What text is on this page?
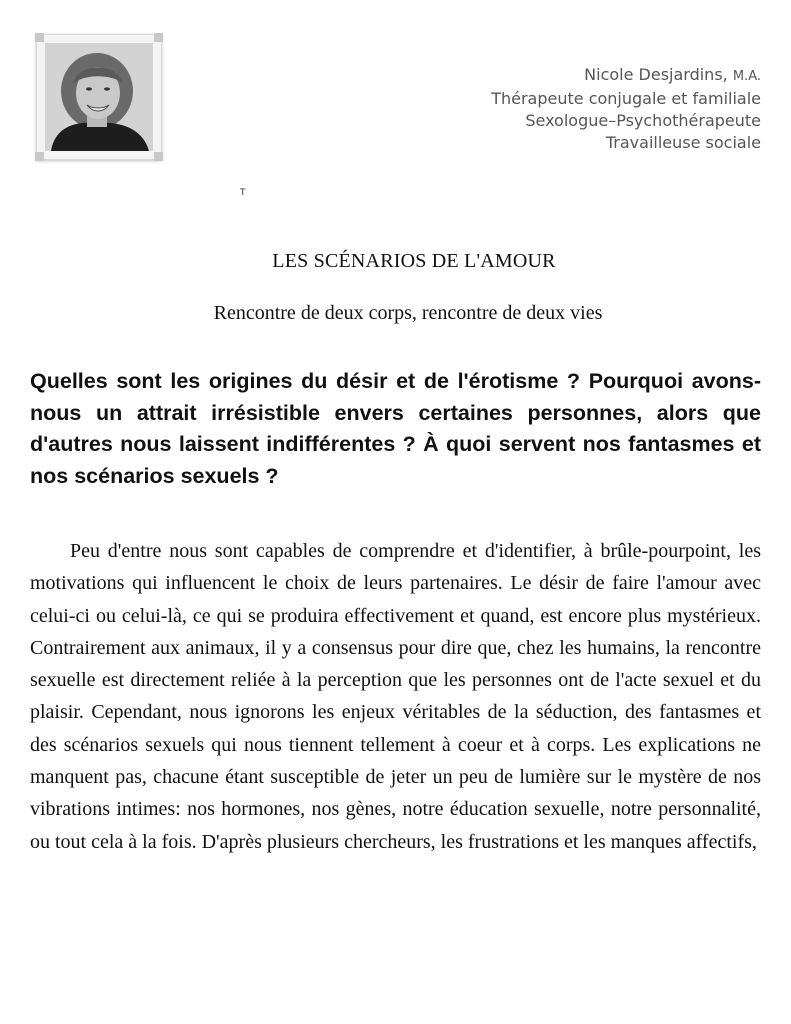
Nicole Desjardins, M.A.
Thérapeute conjugale et familiale
Sexologue–Psychothérapeute
Travailleuse sociale
T
LES SCÉNARIOS DE L'AMOUR
Rencontre de deux corps, rencontre de deux vies
Quelles sont les origines du désir et de l'érotisme ? Pourquoi avons-nous un attrait irrésistible envers certaines personnes, alors que d'autres nous laissent indifférentes ? À quoi servent nos fantasmes et nos scénarios sexuels ?
Peu d'entre nous sont capables de comprendre et d'identifier, à brûle-pourpoint, les motivations qui influencent le choix de leurs partenaires. Le désir de faire l'amour avec celui-ci ou celui-là, ce qui se produira effectivement et quand, est encore plus mystérieux. Contrairement aux animaux, il y a consensus pour dire que, chez les humains, la rencontre sexuelle est directement reliée à la perception que les personnes ont de l'acte sexuel et du plaisir. Cependant, nous ignorons les enjeux véritables de la séduction, des fantasmes et des scénarios sexuels qui nous tiennent tellement à coeur et à corps. Les explications ne manquent pas, chacune étant susceptible de jeter un peu de lumière sur le mystère de nos vibrations intimes: nos hormones, nos gènes, notre éducation sexuelle, notre personnalité, ou tout cela à la fois. D'après plusieurs chercheurs, les frustrations et les manques affectifs,
